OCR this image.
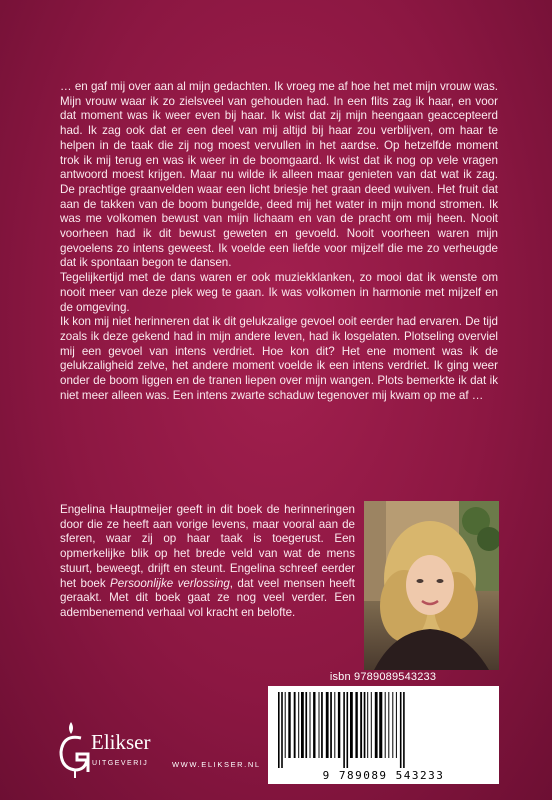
… en gaf mij over aan al mijn gedachten. Ik vroeg me af hoe het met mijn vrouw was. Mijn vrouw waar ik zo zielsveel van gehouden had. In een flits zag ik haar, en voor dat moment was ik weer even bij haar. Ik wist dat zij mijn heengaan geaccepteerd had. Ik zag ook dat er een deel van mij altijd bij haar zou verblijven, om haar te helpen in de taak die zij nog moest vervullen in het aardse. Op hetzelfde moment trok ik mij terug en was ik weer in de boomgaard. Ik wist dat ik nog op vele vragen antwoord moest krijgen. Maar nu wilde ik alleen maar genieten van dat wat ik zag. De prachtige graanvelden waar een licht briesje het graan deed wuiven. Het fruit dat aan de takken van de boom bungelde, deed mij het water in mijn mond stromen. Ik was me volkomen bewust van mijn lichaam en van de pracht om mij heen. Nooit voorheen had ik dit bewust geweten en gevoeld. Nooit voorheen waren mijn gevoelens zo intens geweest. Ik voelde een liefde voor mijzelf die me zo verheugde dat ik spontaan begon te dansen.

Tegelijkertijd met de dans waren er ook muziekklanken, zo mooi dat ik wenste om nooit meer van deze plek weg te gaan. Ik was volkomen in harmonie met mijzelf en de omgeving.

Ik kon mij niet herinneren dat ik dit gelukzalige gevoel ooit eerder had ervaren. De tijd zoals ik deze gekend had in mijn andere leven, had ik losgelaten. Plotseling overviel mij een gevoel van intens verdriet. Hoe kon dit? Het ene moment was ik de gelukzaligheid zelve, het andere moment voelde ik een intens verdriet. Ik ging weer onder de boom liggen en de tranen liepen over mijn wangen. Plots bemerkte ik dat ik niet meer alleen was. Een intens zwarte schaduw tegenover mij kwam op me af …

Engelina Hauptmeijer geeft in dit boek de herinneringen door die ze heeft aan vorige levens, maar vooral aan de sferen, waar zij op haar taak is toegerust. Een opmerkelijke blik op het brede veld van wat de mens stuurt, beweegt, drijft en steunt. Engelina schreef eerder het boek Persoonlijke verlossing, dat veel mensen heeft geraakt. Met dit boek gaat ze nog veel verder. Een adembenemend verhaal vol kracht en belofte.

isbn 9789089543233
9 789089 543233
Elikser
UITGEVERIJ	WWW.ELIKSER.NL
